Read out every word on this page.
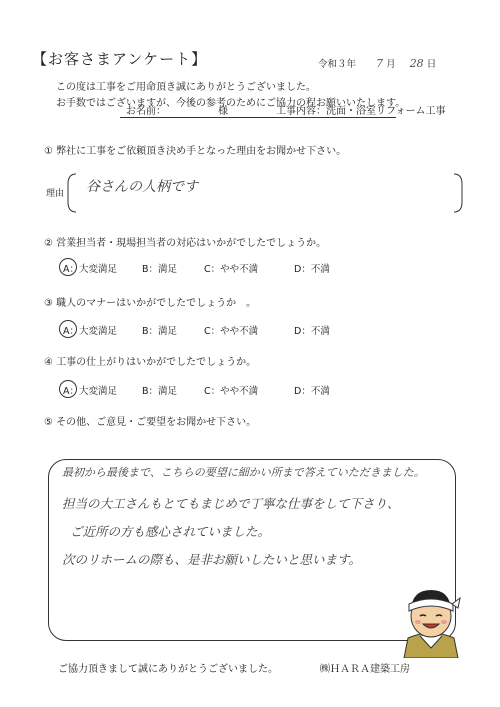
【お客さまアンケート】	令和３年 7 月 28 日
この度は工事をご用命頂き誠にありがとうございました。
お手数ではございますが、今後の参考のためにご協力の程お願いいたします。
お名前：	様	工事内容：洗面・浴室リフォーム工事
① 弊社に工事をご依頼頂き決め手となった理由をお聞かせ下さい。
理由 谷さんの人柄です
② 営業担当者・現場担当者の対応はいかがでしたでしょうか。
A：大変満足	B：満足	C：やや不満	D：不満
③ 職人のマナーはいかがでしたでしょうか　。
A：大変満足	B：満足	C：やや不満	D：不満
④ 工事の仕上がりはいかがでしたでしょうか。
A：大変満足	B：満足	C：やや不満	D：不満
⑤ その他、ご意見・ご要望をお聞かせ下さい。
最初から最後まで、こちらの要望に細かい所まで答えていただきました。
担当の大工さんもとてもまじめで丁寧な仕事をして下さり、
ご近所の方も感心されていました。
次のリホームの際も、是非お願いしたいと思います。
ご協力頂きまして誠にありがとうございました。	㈱ＨＡＲＡ建築工房
